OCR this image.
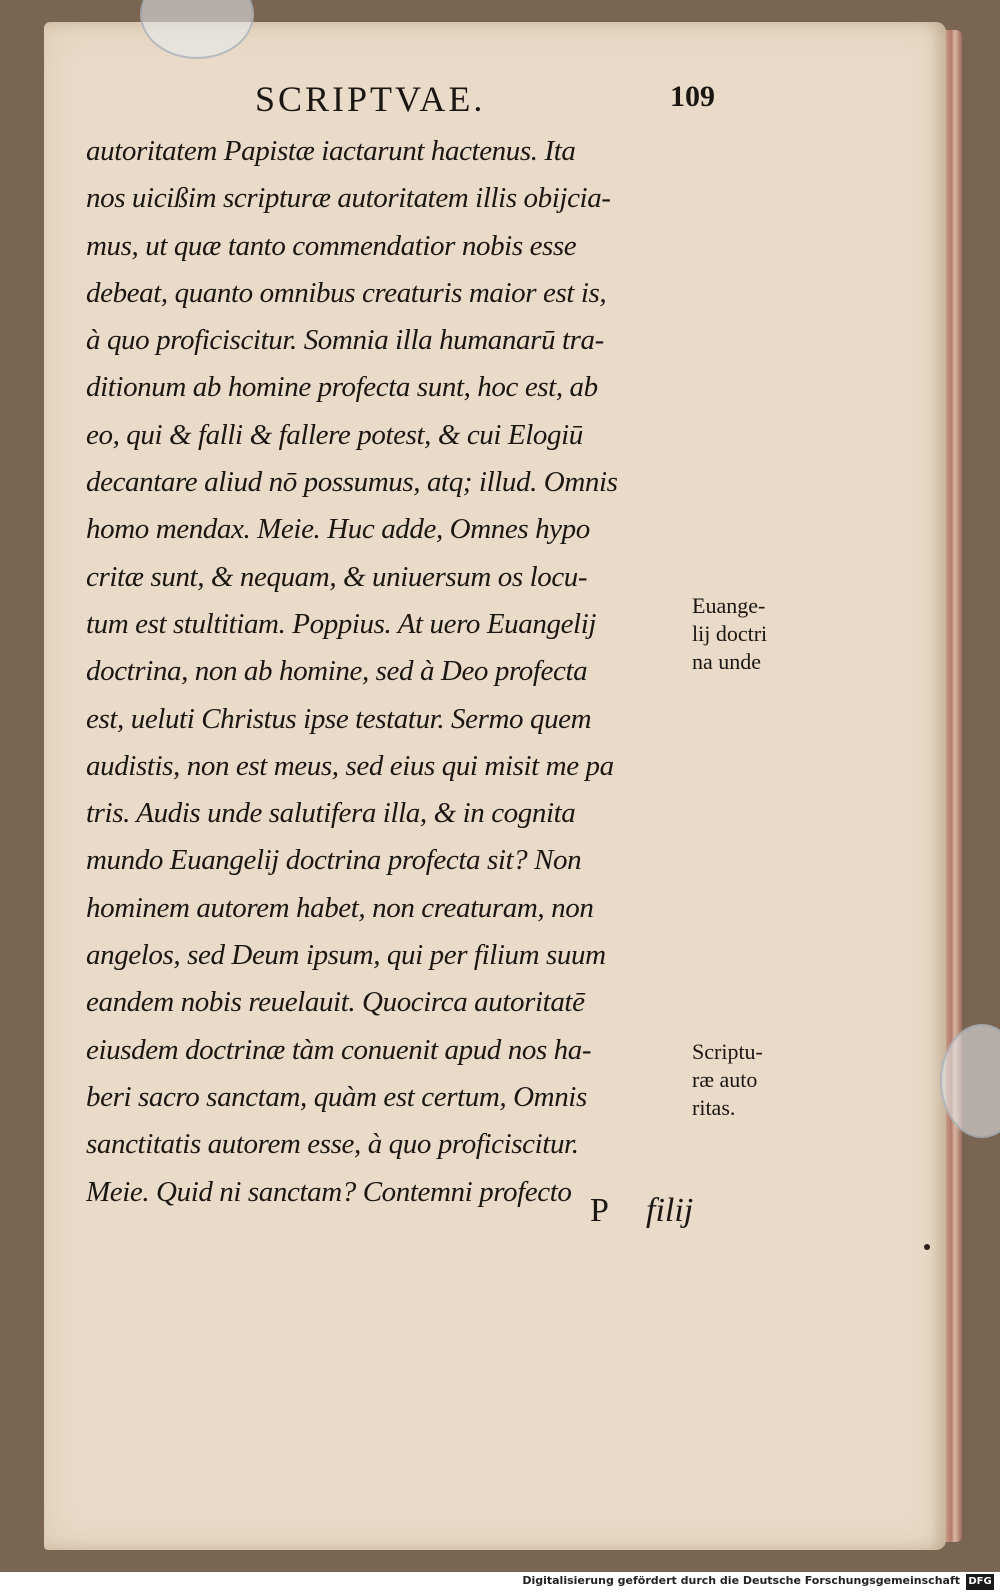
SCRIPTVAE.	109
autoritatem Papistæ iactarunt hactenus. Ita
nos uicißim scripturæ autoritatem illis obijcia-
mus, ut quæ tanto commendatior nobis esse
debeat, quanto omnibus creaturis maior est is,
à quo proficiscitur. Somnia illa humanarū tra-
ditionum ab homine profecta sunt, hoc est, ab
eo, qui & falli & fallere potest, & cui Elogiū
decantare aliud nō possumus, atq; illud. Omnis
homo mendax. Meie. Huc adde, Omnes hypo
critæ sunt, & nequam, & uniuersum os locu-
tum est stultitiam. Poppius. At uero Euangelij
doctrina, non ab homine, sed à Deo profecta
est, ueluti Christus ipse testatur. Sermo quem
audistis, non est meus, sed eius qui misit me pa
tris. Audis unde salutifera illa, & in cognita
mundo Euangelij doctrina profecta sit? Non
hominem autorem habet, non creaturam, non
angelos, sed Deum ipsum, qui per filium suum
eandem nobis reuelauit. Quocirca autoritatē
eiusdem doctrinæ tàm conuenit apud nos ha-
beri sacro sanctam, quàm est certum, Omnis
sanctitatis autorem esse, à quo proficiscitur.
Meie. Quid ni sanctam? Contemni profecto
P filij
Euange-
lij doctri
na unde
Scriptu-
ræ auto
ritas.
Digitalisierung gefördert durch die Deutsche Forschungsgemeinschaft DFG
